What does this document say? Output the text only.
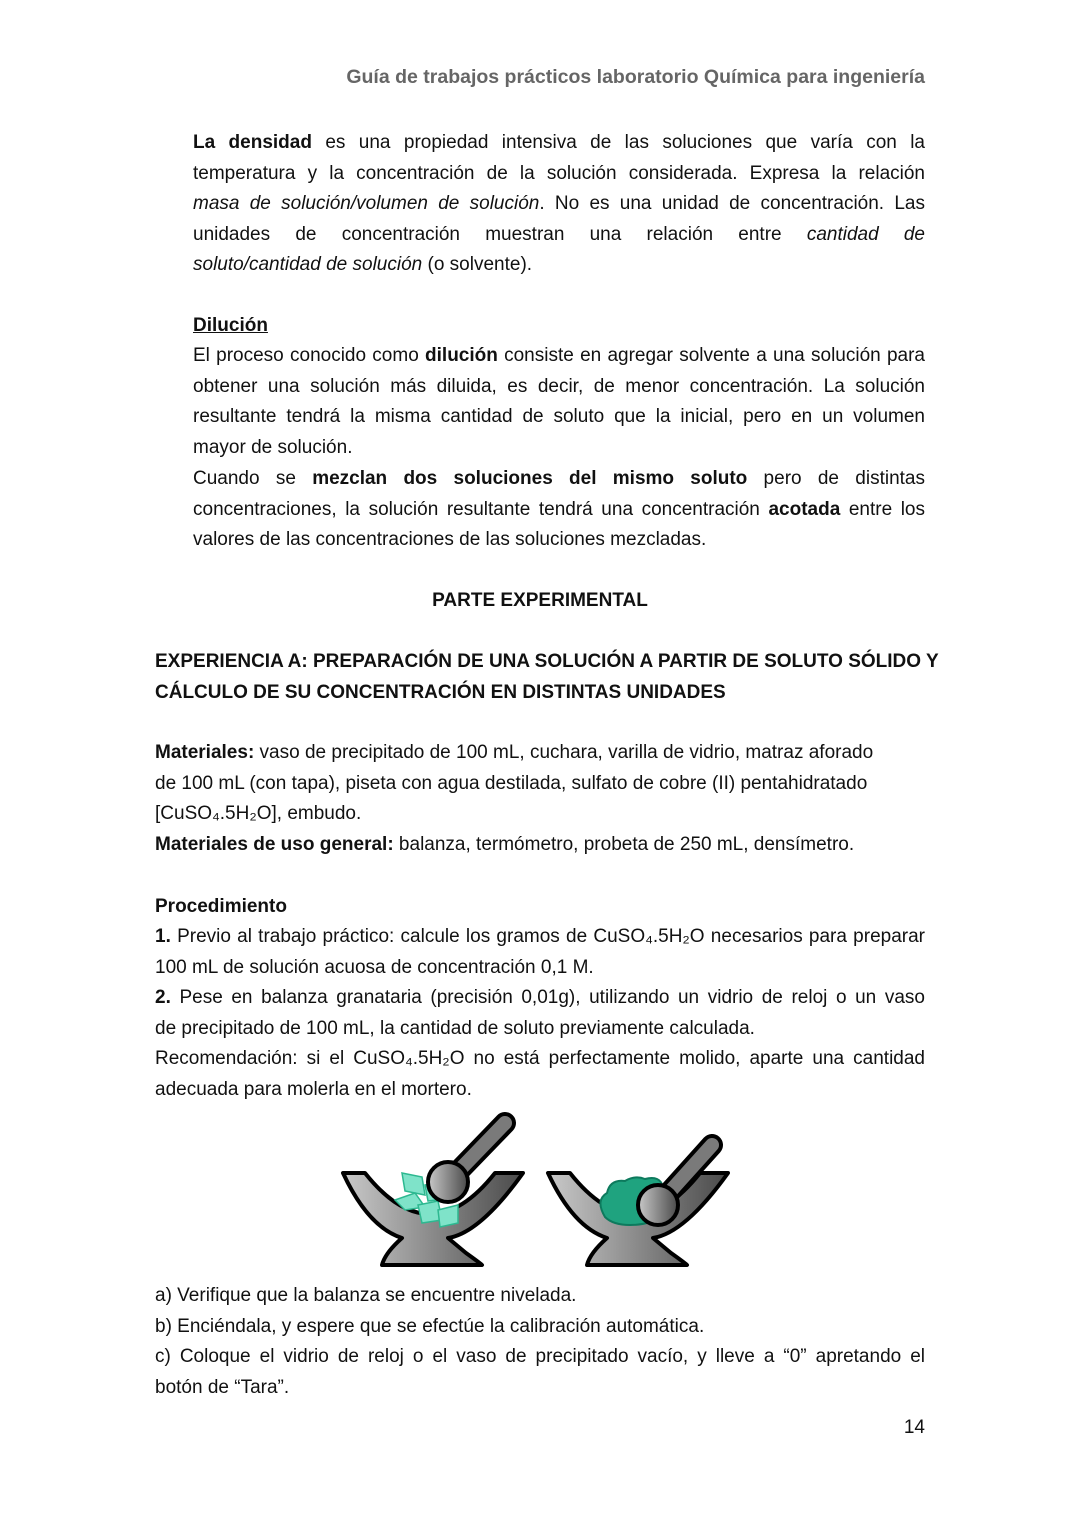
Guía de trabajos prácticos laboratorio Química para ingeniería
La densidad es una propiedad intensiva de las soluciones que varía con la
temperatura y la concentración de la solución considerada. Expresa la relación
masa de solución/volumen de solución. No es una unidad de concentración. Las
unidades de concentración muestran una relación entre cantidad de
soluto/cantidad de solución (o solvente).
Dilución
El proceso conocido como dilución consiste en agregar solvente a una solución para
obtener una solución más diluida, es decir, de menor concentración. La solución
resultante tendrá la misma cantidad de soluto que la inicial, pero en un volumen
mayor de solución.
Cuando se mezclan dos soluciones del mismo soluto pero de distintas
concentraciones, la solución resultante tendrá una concentración acotada entre los
valores de las concentraciones de las soluciones mezcladas.
PARTE EXPERIMENTAL
EXPERIENCIA A: PREPARACIÓN DE UNA SOLUCIÓN A PARTIR DE SOLUTO SÓLIDO Y
CÁLCULO DE SU CONCENTRACIÓN EN DISTINTAS UNIDADES
Materiales: vaso de precipitado de 100 mL, cuchara, varilla de vidrio, matraz aforado
de 100 mL (con tapa), piseta con agua destilada, sulfato de cobre (II) pentahidratado
[CuSO₄.5H₂O], embudo.
Materiales de uso general: balanza, termómetro, probeta de 250 mL, densímetro.
Procedimiento
1. Previo al trabajo práctico: calcule los gramos de CuSO₄.5H₂O necesarios para preparar
100 mL de solución acuosa de concentración 0,1 M.
2. Pese en balanza granataria (precisión 0,01g), utilizando un vidrio de reloj o un vaso
de precipitado de 100 mL, la cantidad de soluto previamente calculada.
Recomendación: si el CuSO₄.5H₂O no está perfectamente molido, aparte una cantidad
adecuada para molerla en el mortero.
a) Verifique que la balanza se encuentre nivelada.
b) Enciéndala, y espere que se efectúe la calibración automática.
c) Coloque el vidrio de reloj o el vaso de precipitado vacío, y lleve a “0” apretando el
botón de “Tara”.
14
